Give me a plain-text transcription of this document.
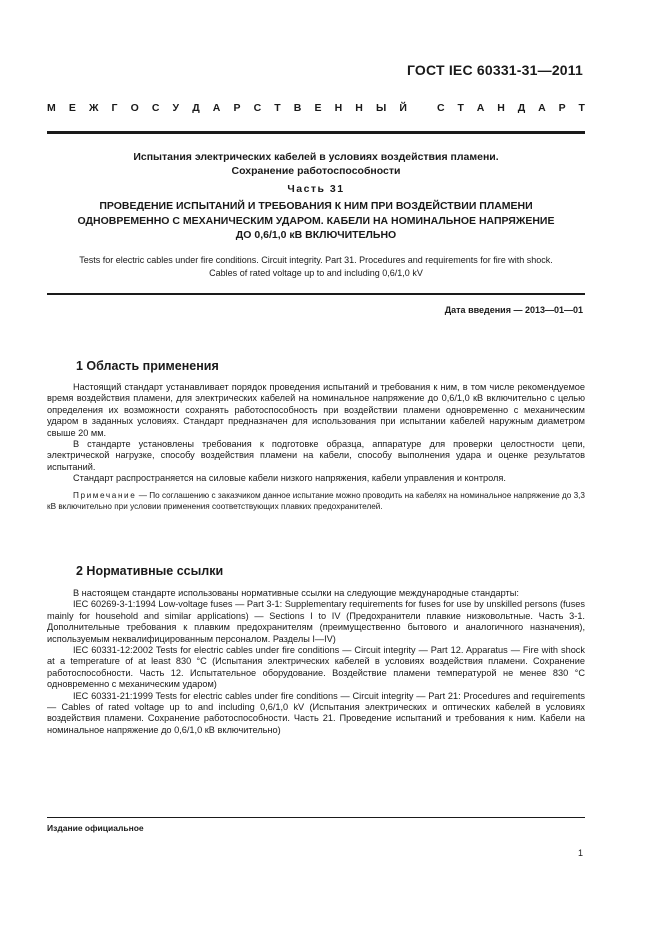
ГОСТ IEC 60331-31—2011
М Е Ж Г О С У Д А Р С Т В Е Н Н Ы Й	С Т А Н Д А Р Т
Испытания электрических кабелей в условиях воздействия пламени.
Сохранение работоспособности
Часть 31
ПРОВЕДЕНИЕ ИСПЫТАНИЙ И ТРЕБОВАНИЯ К НИМ ПРИ ВОЗДЕЙСТВИИ ПЛАМЕНИ
ОДНОВРЕМЕННО С МЕХАНИЧЕСКИМ УДАРОМ. КАБЕЛИ НА НОМИНАЛЬНОЕ НАПРЯЖЕНИЕ
ДО 0,6/1,0 кВ ВКЛЮЧИТЕЛЬНО
Tests for electric cables under fire conditions. Circuit integrity. Part 31. Procedures and requirements for fire with shock.
Cables of rated voltage up to and including 0,6/1,0 kV
Дата введения — 2013—01—01
1 Область применения

Настоящий стандарт устанавливает порядок проведения испытаний и требования к ним, в том числе рекомендуемое время воздействия пламени, для электрических кабелей на номинальное напряжение до 0,6/1,0 кВ включительно с целью определения их возможности сохранять работоспособность при воздействии пламени одновременно с механическим ударом в заданных условиях. Стандарт предназначен для использования при испытании кабелей наружным диаметром свыше 20 мм.

В стандарте установлены требования к подготовке образца, аппаратуре для проверки целостности цепи, электрической нагрузке, способу воздействия пламени на кабели, способу выполнения удара и оценке результатов испытаний.

Стандарт распространяется на силовые кабели низкого напряжения, кабели управления и контроля.

Примечание — По соглашению с заказчиком данное испытание можно проводить на кабелях на номинальное напряжение до 3,3 кВ включительно при условии применения соответствующих плавких предохранителей.

2 Нормативные ссылки

В настоящем стандарте использованы нормативные ссылки на следующие международные стандарты:

IEC 60269-3-1:1994 Low-voltage fuses — Part 3-1: Supplementary requirements for fuses for use by unskilled persons (fuses mainly for household and similar applications) — Sections I to IV (Предохранители плавкие низковольтные. Часть 3-1. Дополнительные требования к плавким предохранителям (преимущественно бытового и аналогичного назначения), используемым неквалифицированным персоналом. Разделы I—IV)

IEC 60331-12:2002 Tests for electric cables under fire conditions — Circuit integrity — Part 12. Apparatus — Fire with shock at a temperature of at least 830 °C (Испытания электрических кабелей в условиях воздействия пламени. Сохранение работоспособности. Часть 12. Испытательное оборудование. Воздействие пламени температурой не менее 830 °C одновременно с механическим ударом)

IEC 60331-21:1999 Tests for electric cables under fire conditions — Circuit integrity — Part 21: Procedures and requirements — Cables of rated voltage up to and including 0,6/1,0 kV (Испытания электрических и оптических кабелей в условиях воздействия пламени. Сохранение работоспособности. Часть 21. Проведение испытаний и требования к ним. Кабели на номинальное напряжение до 0,6/1,0 кВ включительно)

Издание официальное
1
